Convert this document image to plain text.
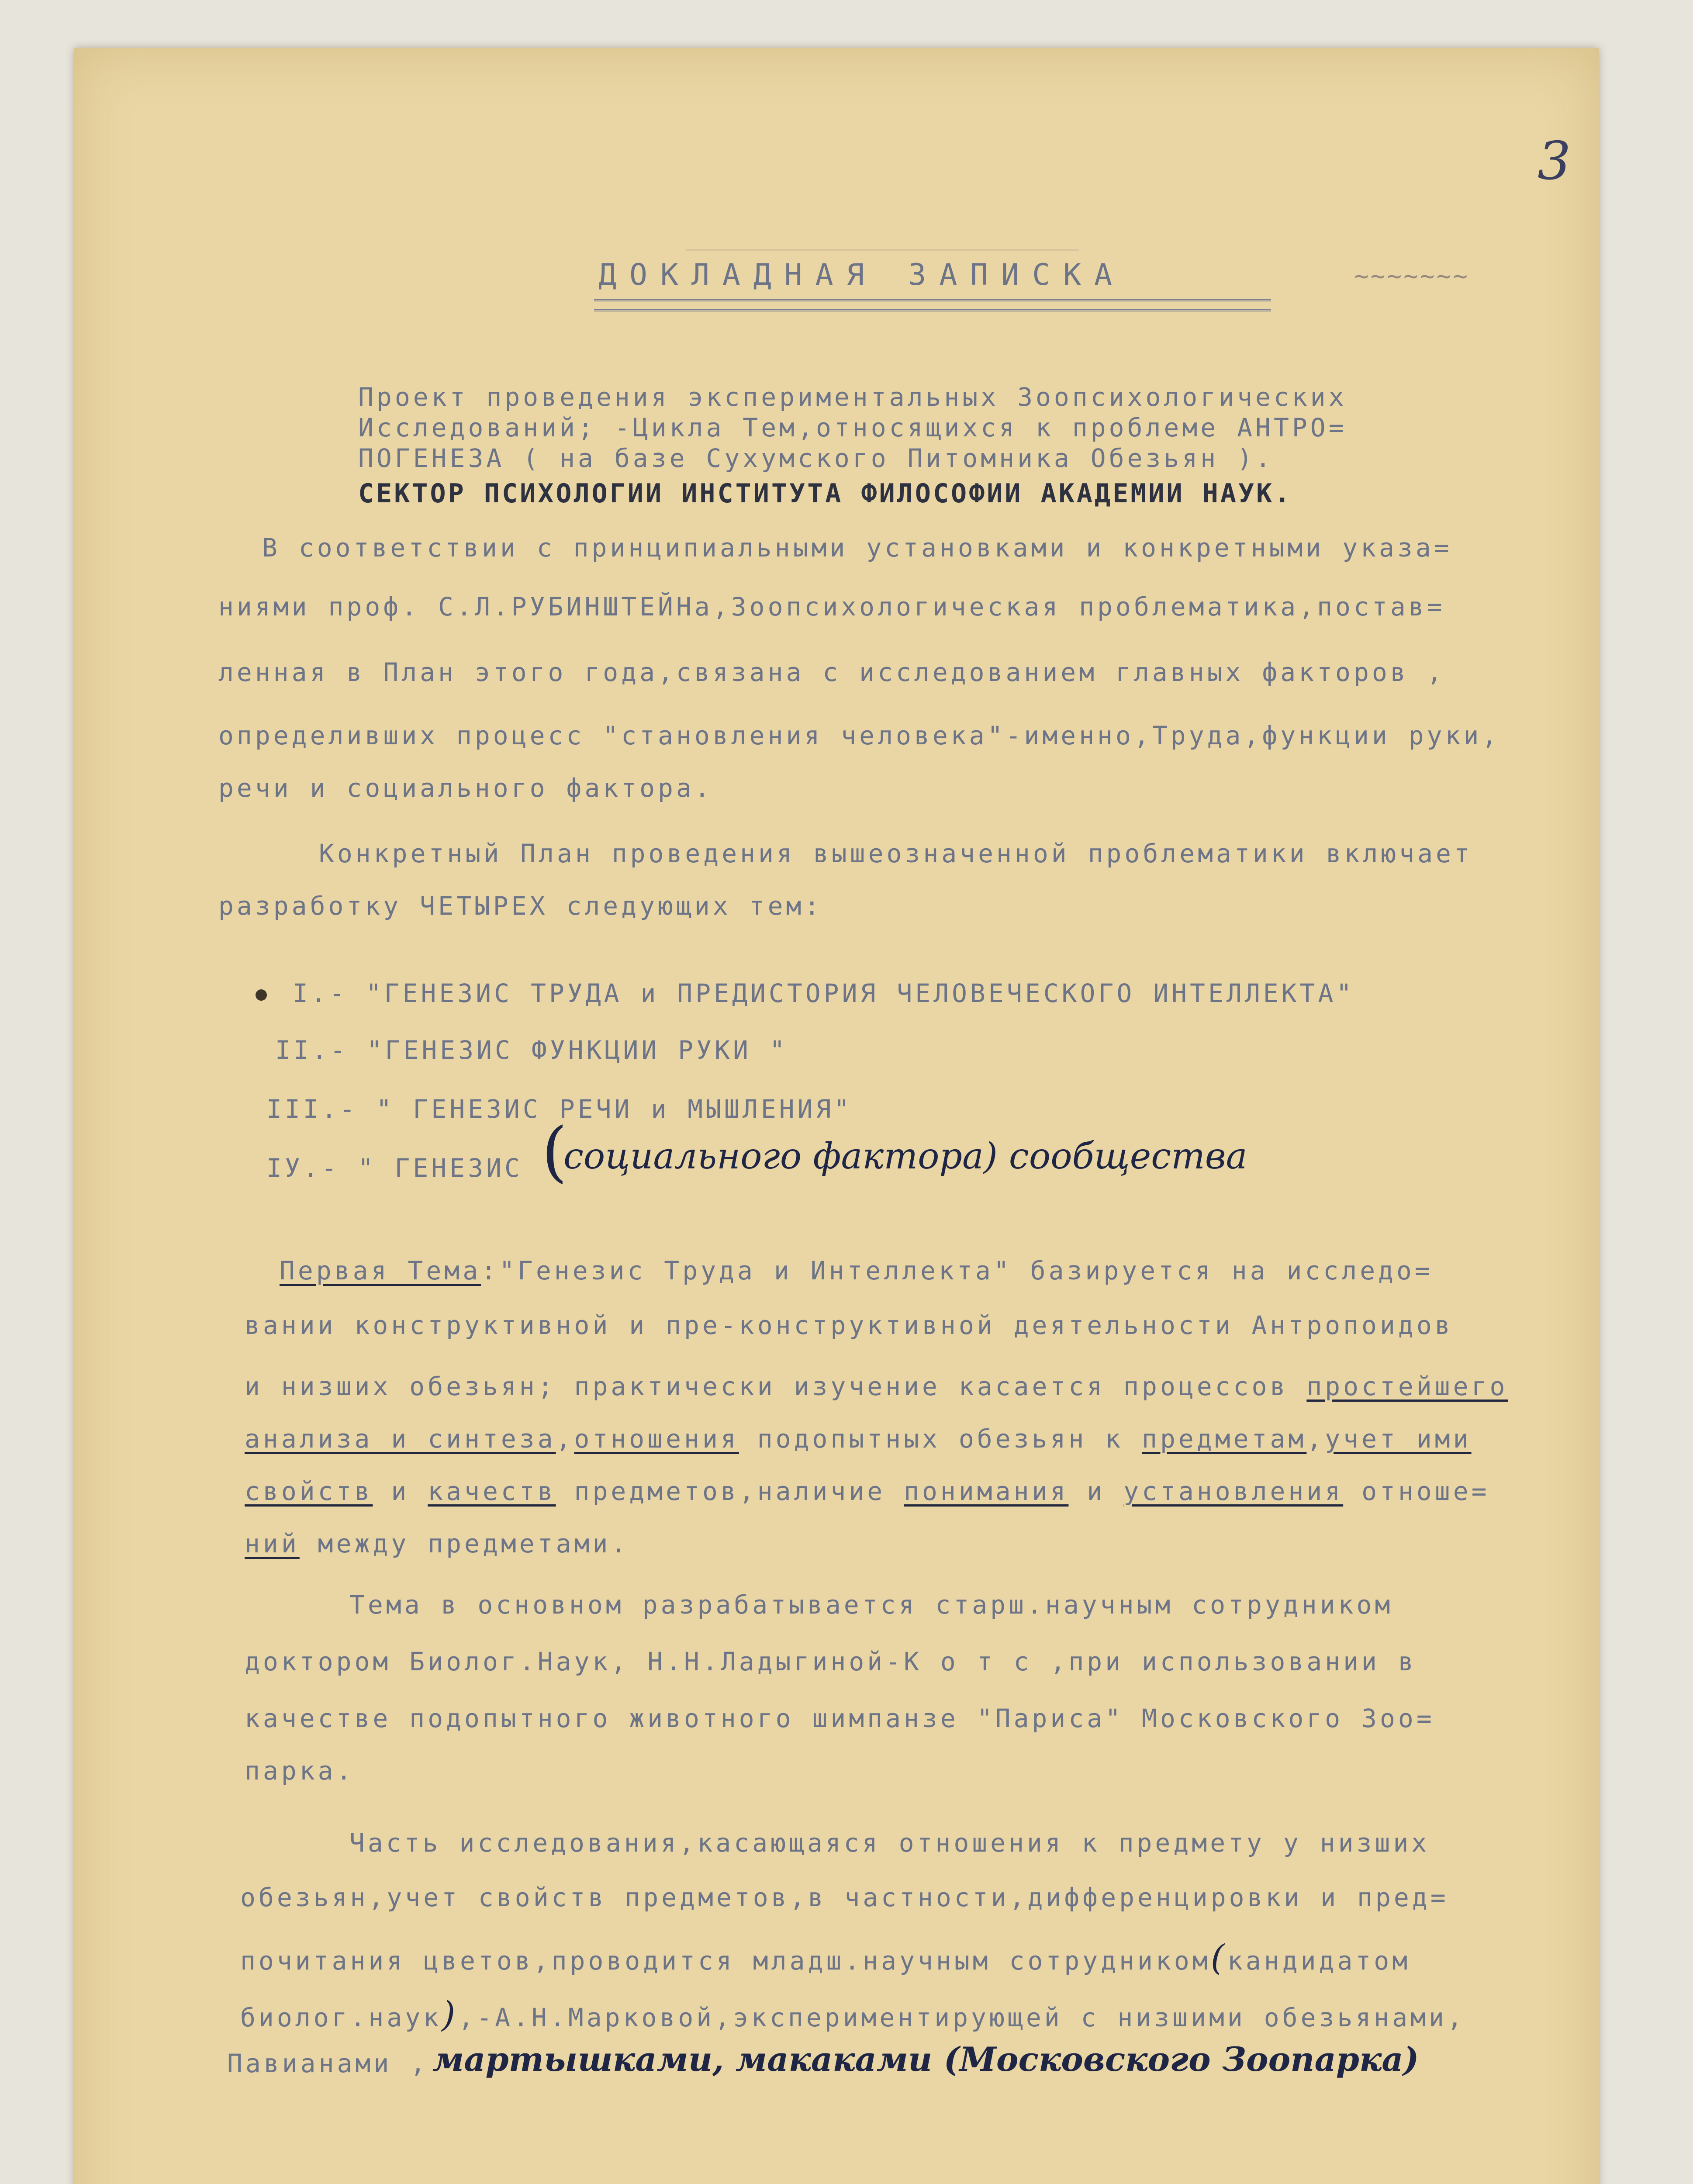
3
ДОКЛАДНАЯ ЗАПИСКА	~~~~~~~
Проект проведения экспериментальных Зоопсихологических
Исследований; -Цикла Тем,относящихся к проблеме АНТРО=
ПОГЕНЕЗА ( на базе Сухумского Питомника Обезьян ).
СЕКТОР ПСИХОЛОГИИ ИНСТИТУТА ФИЛОСОФИИ АКАДЕМИИ НАУК.
В соответствии с принципиальными установками и конкретными указа=
ниями проф. С.Л.РУБИНШТЕЙНа,Зоопсихологическая проблематика,постав=
ленная в План этого года,связана с исследованием главных факторов ,
определивших процесс "становления человека"-именно,Труда,функции руки,
речи и социального фактора.
Конкретный План проведения вышеозначенной проблематики включает
разработку ЧЕТЫРЕХ следующих тем:
I.- "ГЕНЕЗИС ТРУДА и ПРЕДИСТОРИЯ ЧЕЛОВЕЧЕСКОГО ИНТЕЛЛЕКТА"
II.- "ГЕНЕЗИС ФУНКЦИИ РУКИ "
III.- " ГЕНЕЗИС РЕЧИ и МЫШЛЕНИЯ"
IУ.- " ГЕНЕЗИС (
социального фактора) сообщества
Первая Тема:"Генезис Труда и Интеллекта" базируется на исследо=
вании конструктивной и пре-конструктивной деятельности Антропоидов
и низших обезьян; практически изучение касается процессов простейшего
анализа и синтеза,отношения подопытных обезьян к предметам,учет ими
свойств и качеств предметов,наличие понимания и установления отноше=
ний между предметами.
Тема в основном разрабатывается старш.научным сотрудником
доктором Биолог.Наук, Н.Н.Ладыгиной-К о т с ,при использовании в
качестве подопытного животного шимпанзе "Париса" Московского Зоо=
парка.
Часть исследования,касающаяся отношения к предмету у низших
обезьян,учет свойств предметов,в частности,дифференцировки и пред=
почитания цветов,проводится младш.научным сотрудником(кандидатом
биолог.наук),-А.Н.Марковой,экспериментирующей с низшими обезьянами,
Павианами , мартышками, макаками (Московского Зоопарка)
